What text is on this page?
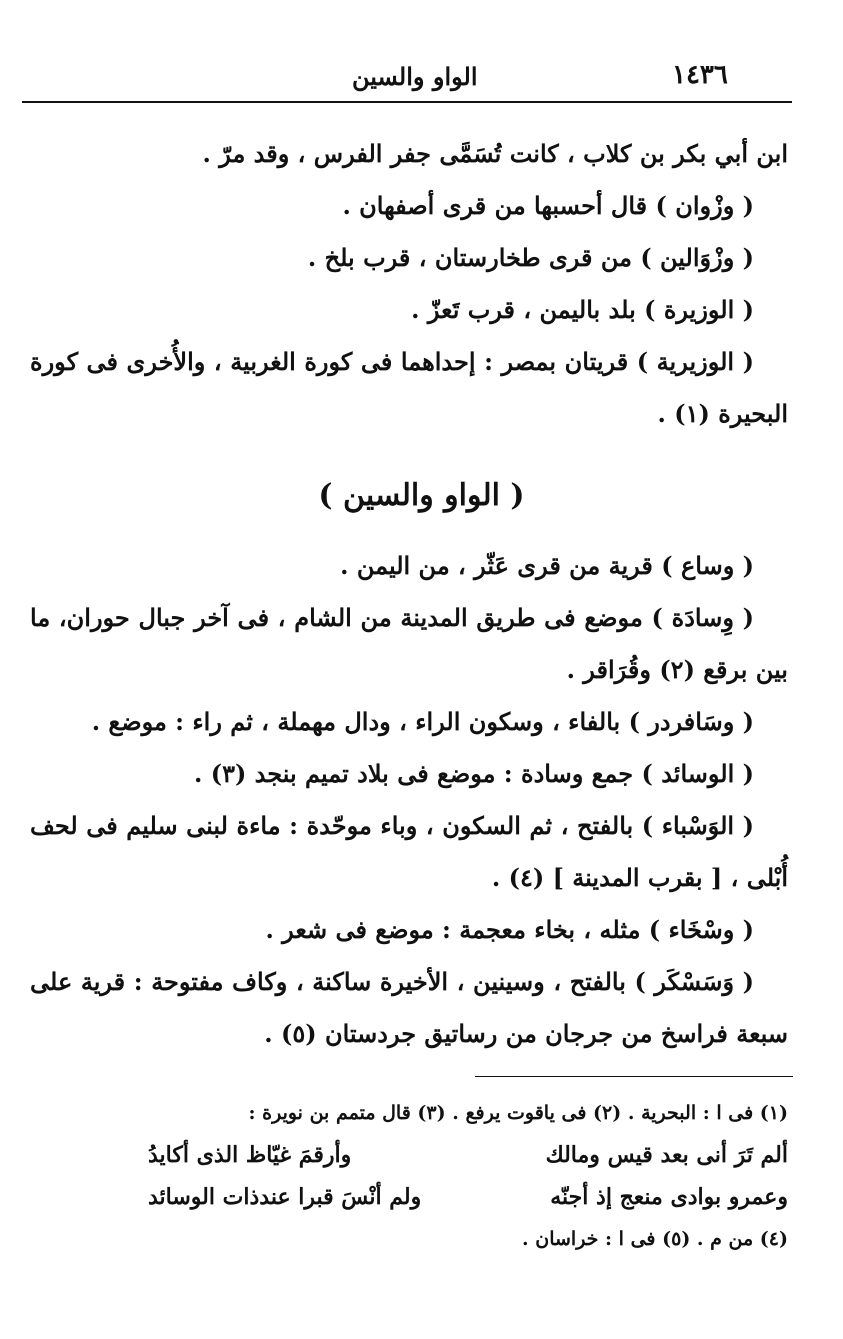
١٤٣٦
الواو والسين

ابن أبي بكر بن كلاب ، كانت تُسَمَّى جفر الفرس ، وقد مرّ .

( وزْوان ) قال أحسبها من قرى أصفهان .

( وزْوَالين ) من قرى طخارستان ، قرب بلخ .

( الوزيرة ) بلد باليمن ، قرب تَعزّ .

( الوزيرية ) قريتان بمصر : إحداهما فى كورة الغربية ، والأُخرى فى كورة البحيرة (١) .

( الواو والسين )

( وساع ) قرية من قرى عَثّر ، من اليمن .

( وِسادَة ) موضع فى طريق المدينة من الشام ، فى آخر جبال حوران، ما بين برقع (٢) وقُرَاقر .

( وسَافردر ) بالفاء ، وسكون الراء ، ودال مهملة ، ثم راء : موضع .

( الوسائد ) جمع وسادة : موضع فى بلاد تميم بنجد (٣) .

( الوَسْباء ) بالفتح ، ثم السكون ، وباء موحّدة : ماءة لبنى سليم فى لحف أُبْلى ، [ بقرب المدينة ] (٤) .

( وسْخَاء ) مثله ، بخاء معجمة : موضع فى شعر .

( وَسَسْكَر ) بالفتح ، وسينين ، الأخيرة ساكنة ، وكاف مفتوحة : قرية على سبعة فراسخ من جرجان من رساتيق جردستان (٥) .

(١) فى ا : البحرية . (٢) فى ياقوت يرفع . (٣) قال متمم بن نويرة :

ألم تَرَ أنى بعد قيس ومالك
وأرقمَ غيّاظ الذى أكايدُ
وعمرو بوادى منعج إذ أجنّه
ولم أنْسَ قبرا عندذات الوسائد

(٤) من م . (٥) فى ا : خراسان .
